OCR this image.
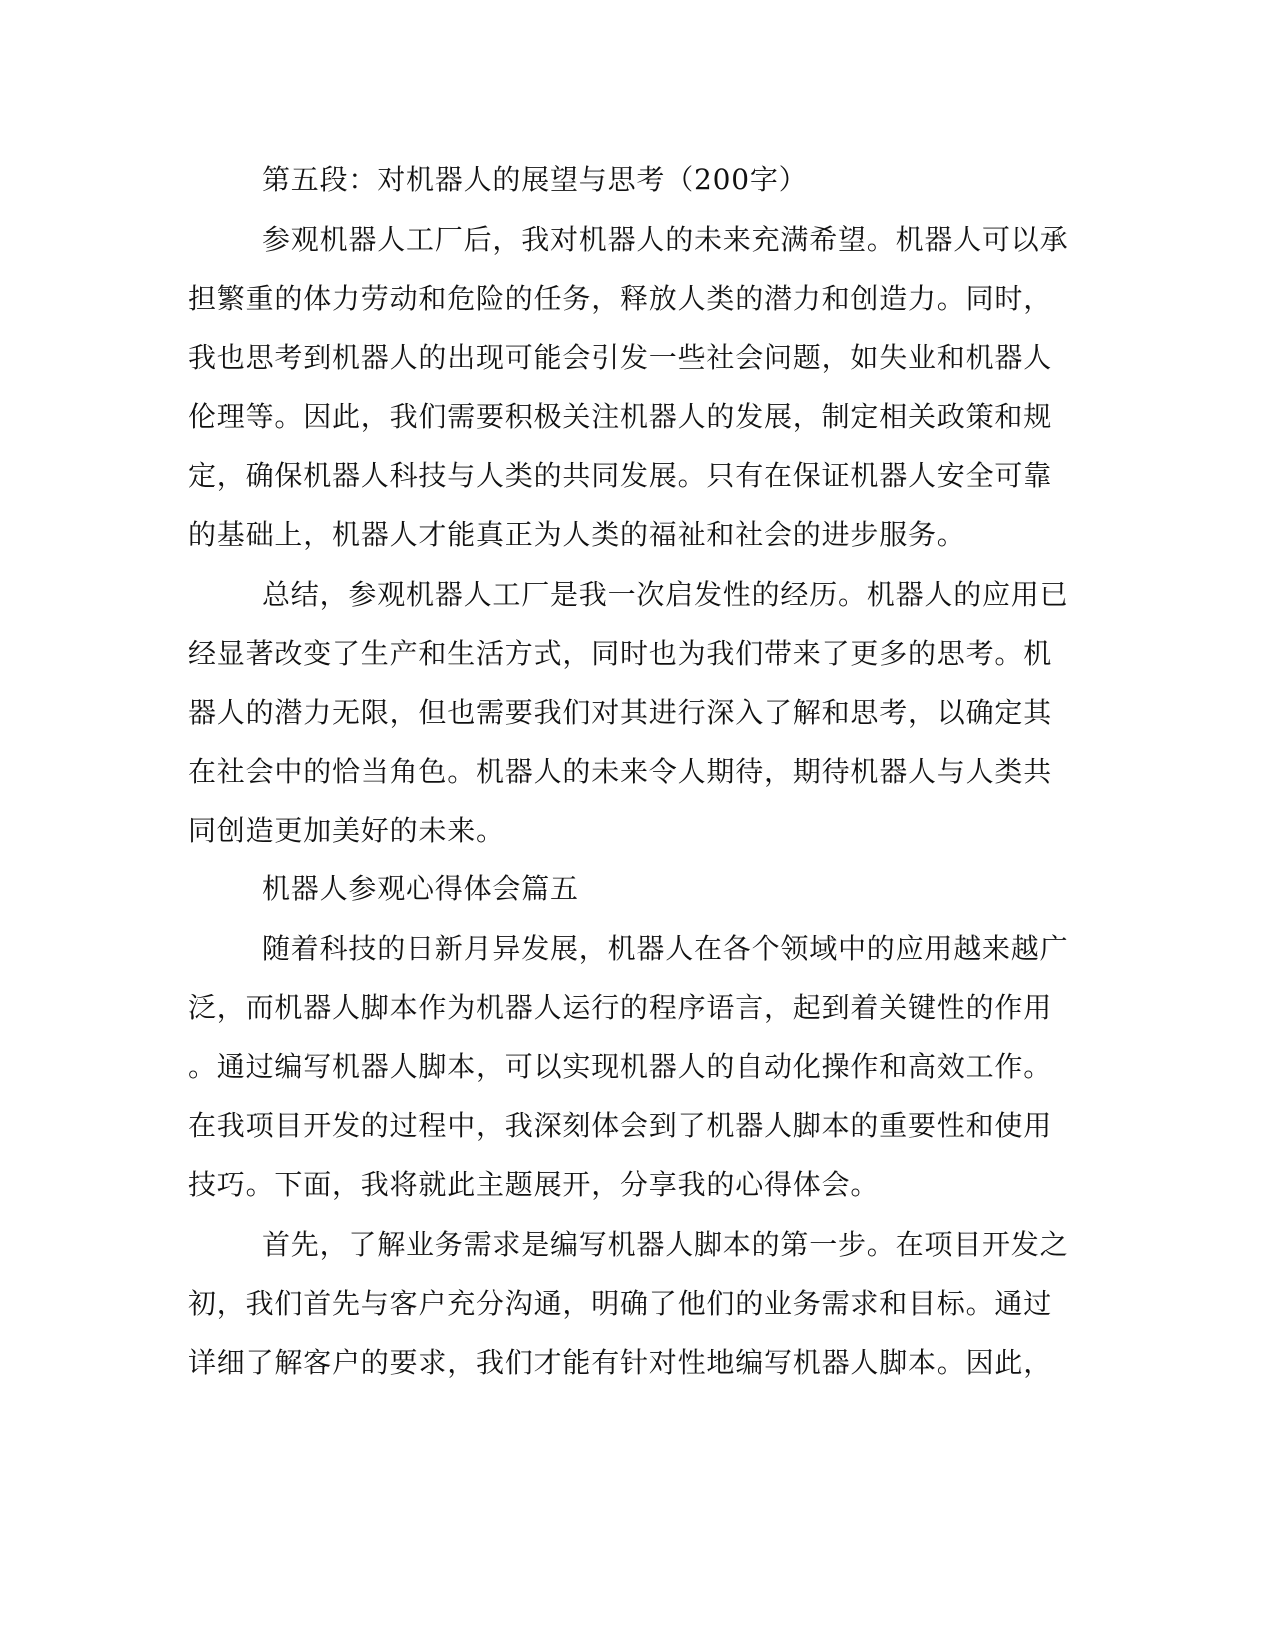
第五段：对机器人的展望与思考（200字）

参观机器人工厂后，我对机器人的未来充满希望。机器人可以承

担繁重的体力劳动和危险的任务，释放人类的潜力和创造力。同时，

我也思考到机器人的出现可能会引发一些社会问题，如失业和机器人

伦理等。因此，我们需要积极关注机器人的发展，制定相关政策和规

定，确保机器人科技与人类的共同发展。只有在保证机器人安全可靠

的基础上，机器人才能真正为人类的福祉和社会的进步服务。

总结，参观机器人工厂是我一次启发性的经历。机器人的应用已

经显著改变了生产和生活方式，同时也为我们带来了更多的思考。机

器人的潜力无限，但也需要我们对其进行深入了解和思考，以确定其

在社会中的恰当角色。机器人的未来令人期待，期待机器人与人类共

同创造更加美好的未来。

机器人参观心得体会篇五

随着科技的日新月异发展，机器人在各个领域中的应用越来越广

泛，而机器人脚本作为机器人运行的程序语言，起到着关键性的作用

。通过编写机器人脚本，可以实现机器人的自动化操作和高效工作。

在我项目开发的过程中，我深刻体会到了机器人脚本的重要性和使用

技巧。下面，我将就此主题展开，分享我的心得体会。

首先，了解业务需求是编写机器人脚本的第一步。在项目开发之

初，我们首先与客户充分沟通，明确了他们的业务需求和目标。通过

详细了解客户的要求，我们才能有针对性地编写机器人脚本。因此，
